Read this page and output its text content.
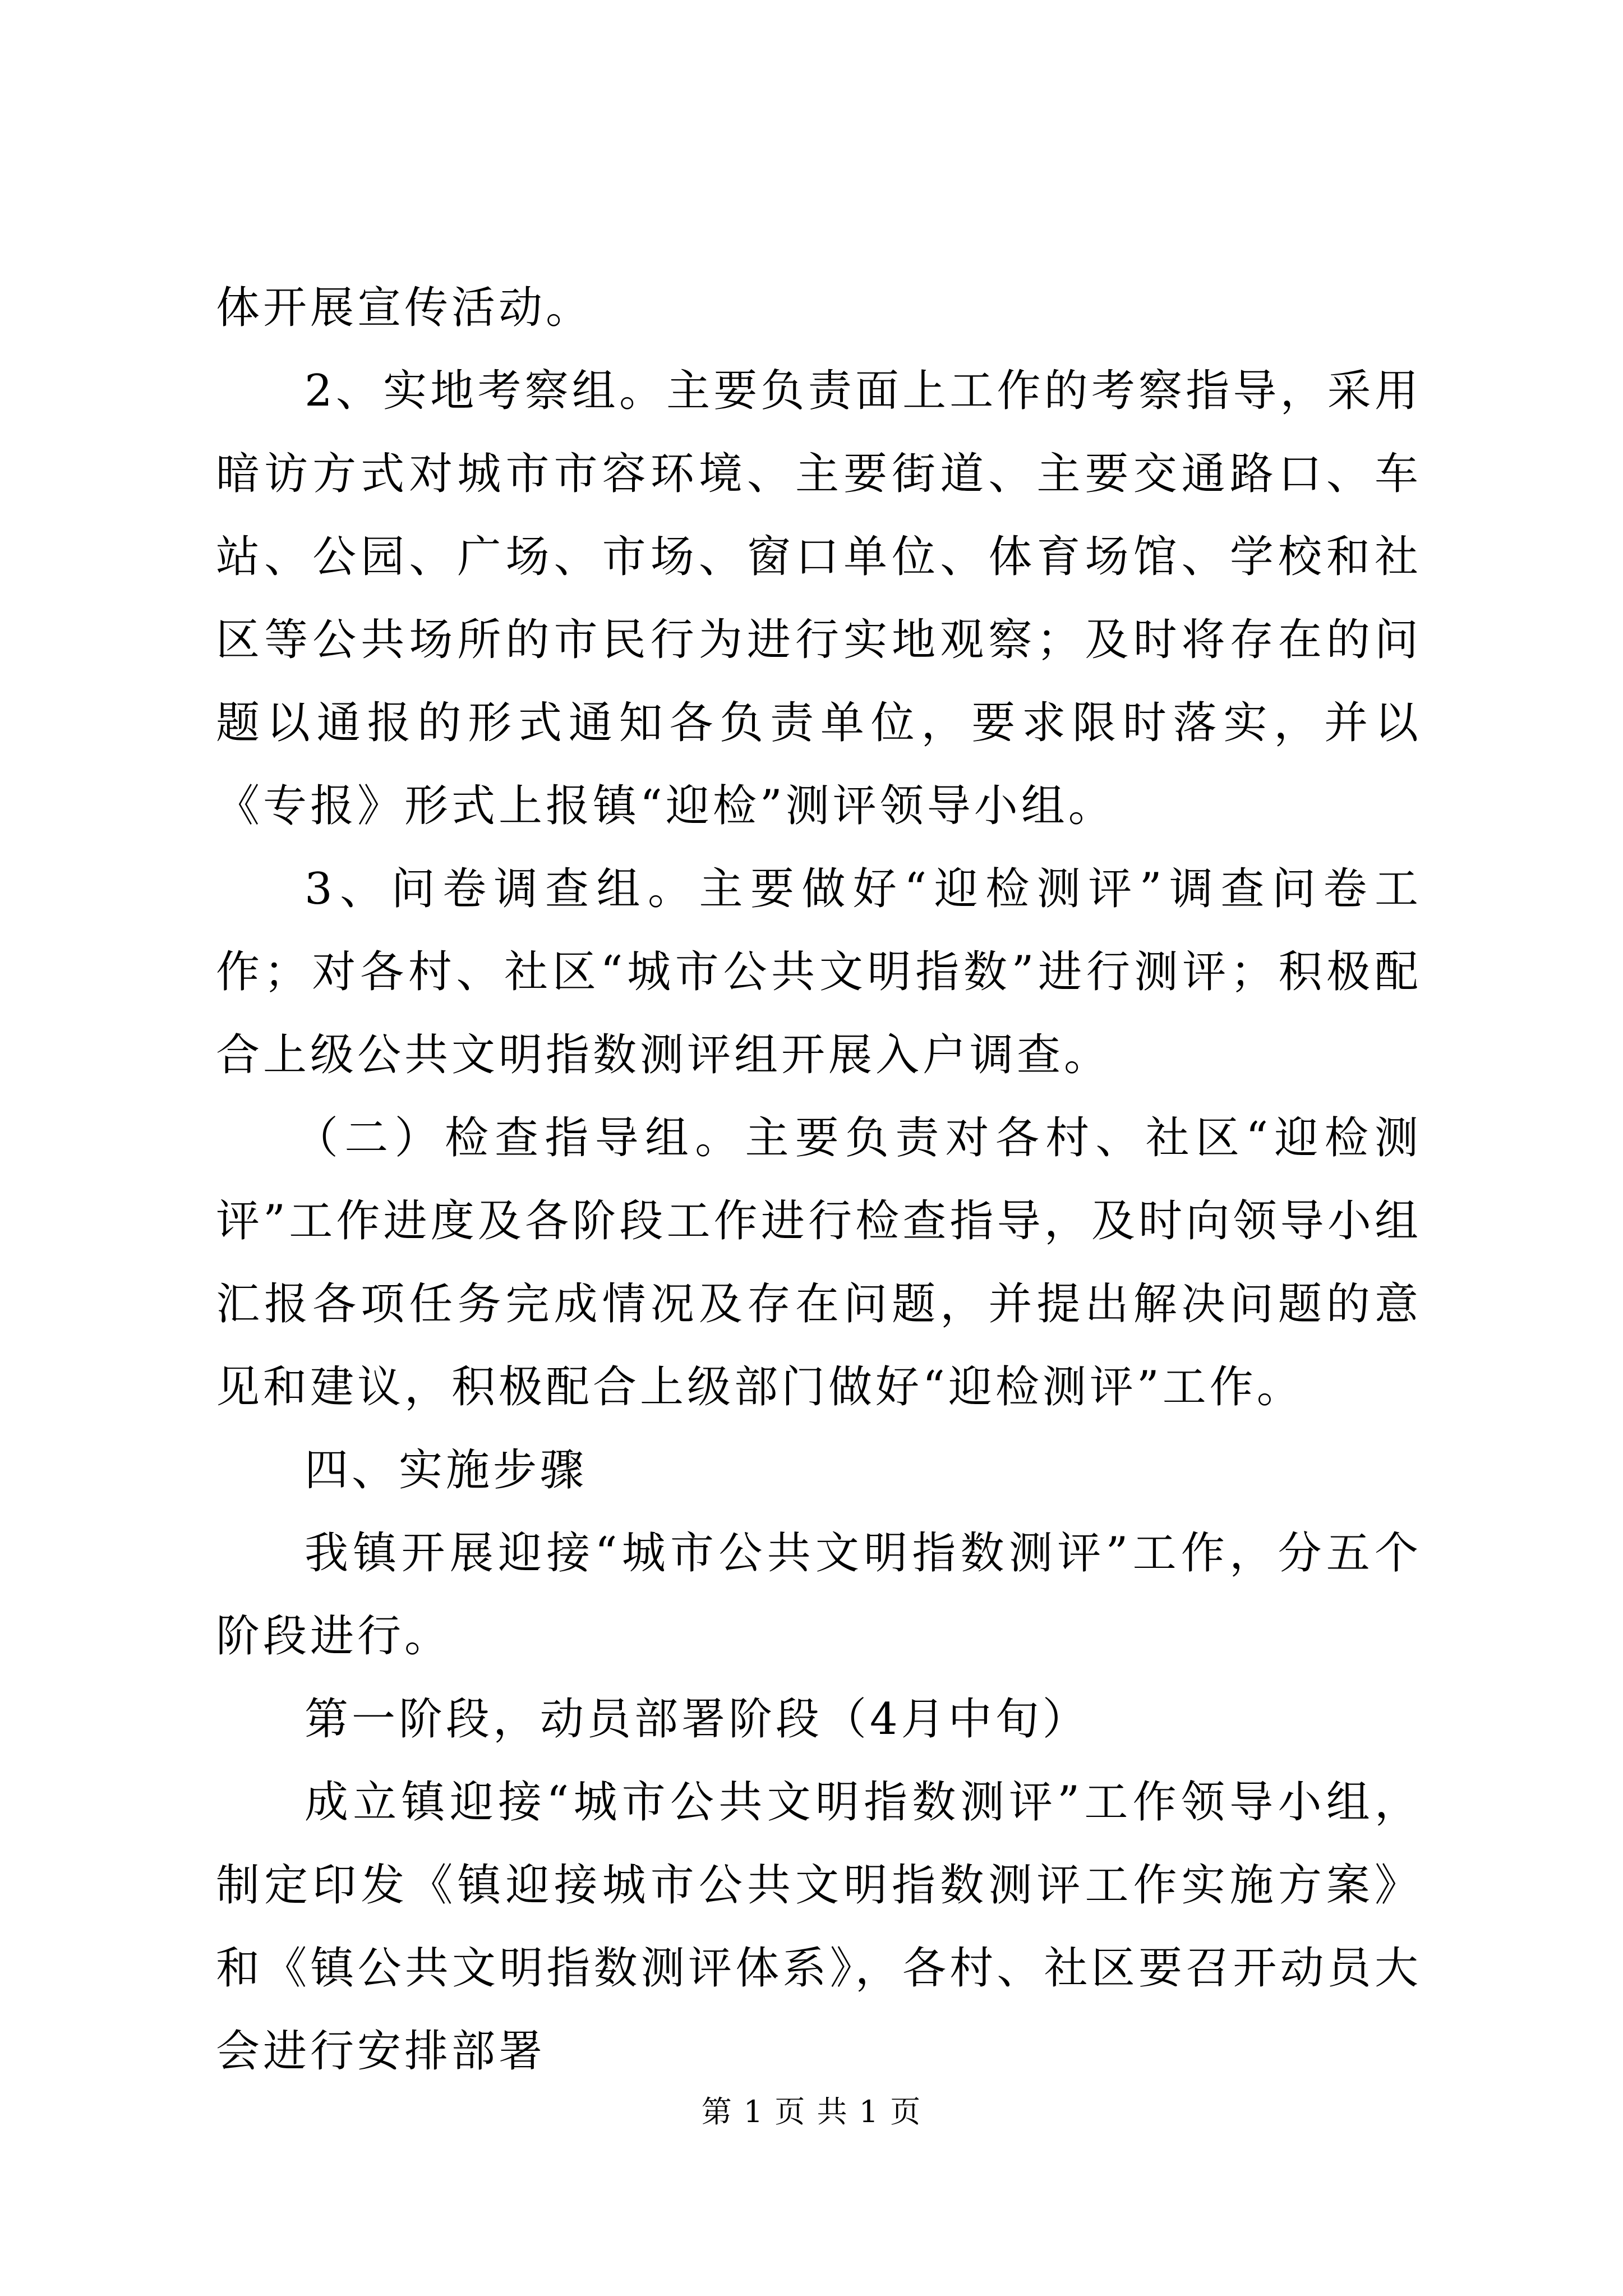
体开展宣传活动。

2、实地考察组。主要负责面上工作的考察指导，采用暗访方式对城市市容环境、主要街道、主要交通路口、车站、公园、广场、市场、窗口单位、体育场馆、学校和社区等公共场所的市民行为进行实地观察；及时将存在的问题以通报的形式通知各负责单位，要求限时落实，并以《专报》形式上报镇“迎检”测评领导小组。

3、问卷调查组。主要做好“迎检测评”调查问卷工作；对各村、社区“城市公共文明指数”进行测评；积极配合上级公共文明指数测评组开展入户调查。

（二）检查指导组。主要负责对各村、社区“迎检测评”工作进度及各阶段工作进行检查指导，及时向领导小组汇报各项任务完成情况及存在问题，并提出解决问题的意见和建议，积极配合上级部门做好“迎检测评”工作。

四、实施步骤

我镇开展迎接“城市公共文明指数测评”工作，分五个阶段进行。

第一阶段，动员部署阶段（4月中旬）

成立镇迎接“城市公共文明指数测评”工作领导小组，制定印发《镇迎接城市公共文明指数测评工作实施方案》和《镇公共文明指数测评体系》，各村、社区要召开动员大会进行安排部署

第 1 页 共 1 页
